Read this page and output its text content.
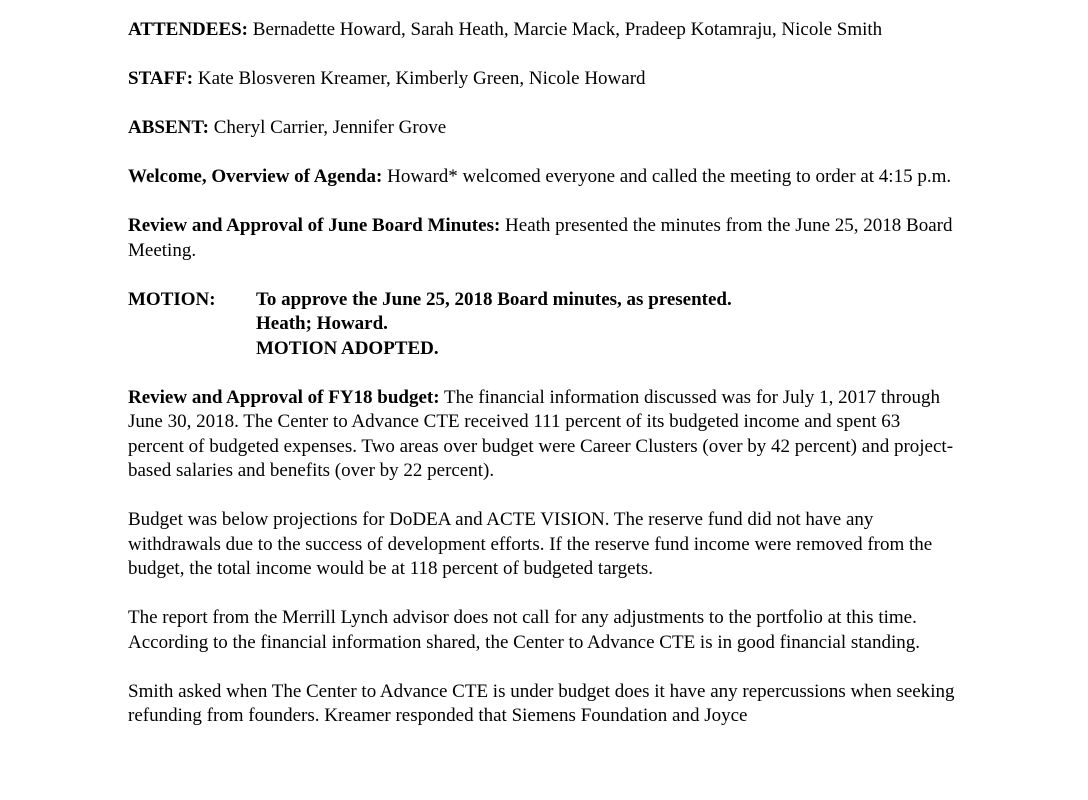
ATTENDEES: Bernadette Howard, Sarah Heath, Marcie Mack, Pradeep Kotamraju, Nicole Smith

STAFF: Kate Blosveren Kreamer, Kimberly Green, Nicole Howard

ABSENT: Cheryl Carrier, Jennifer Grove

Welcome, Overview of Agenda: Howard* welcomed everyone and called the meeting to order at 4:15 p.m.

Review and Approval of June Board Minutes: Heath presented the minutes from the June 25, 2018 Board Meeting.

MOTION:	To approve the June 25, 2018 Board minutes, as presented.
Heath; Howard.
MOTION ADOPTED.

Review and Approval of FY18 budget: The financial information discussed was for July 1, 2017 through June 30, 2018. The Center to Advance CTE received 111 percent of its budgeted income and spent 63 percent of budgeted expenses. Two areas over budget were Career Clusters (over by 42 percent) and project-based salaries and benefits (over by 22 percent).

Budget was below projections for DoDEA and ACTE VISION. The reserve fund did not have any withdrawals due to the success of development efforts. If the reserve fund income were removed from the budget, the total income would be at 118 percent of budgeted targets.

The report from the Merrill Lynch advisor does not call for any adjustments to the portfolio at this time. According to the financial information shared, the Center to Advance CTE is in good financial standing.

Smith asked when The Center to Advance CTE is under budget does it have any repercussions when seeking refunding from founders. Kreamer responded that Siemens Foundation and Joyce
